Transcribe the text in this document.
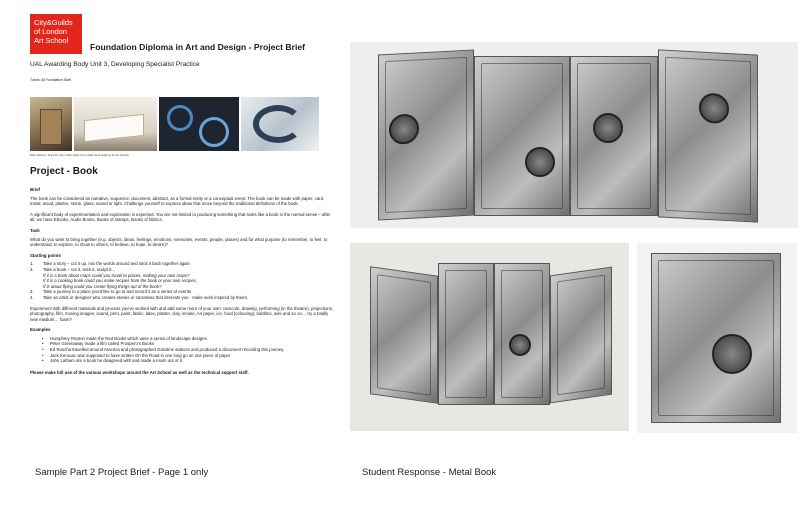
City&Guilds
of London
Art School
Foundation Diploma in Art and Design - Project Brief
UAL Awarding Body Unit 3, Developing Specialist Practice
Tutors: All Foundation Staff
Brian Dettmer, Tanya M. Harry Clark, Adam Kent (Adam Kent taught at the Art School)
Project - Book
Brief

The book can be considered as narrative, sequence, document, abstract, as a formal entity or a conceptual event. The book can be made with paper, card, metal, wood, plaster, stone, glass, sound or light. Challenge yourself to express ideas that move beyond the traditional definitions of the book.

A significant body of experimentation and exploration is expected. You are not limited to producing something that looks like a book in the normal sense – after all, we have Ebooks, Audio Books, Books of stamps, Books of fabrics.

Task

What do you want to bring together (e.g. objects, ideas, feelings, emotions, memories, events, people, places) and for what purpose (to remember, to feel, to understand, to explore, to show to others, to believe, to hope, to desire)?

Starting points
1.	Take a story – cut it up, mix the words around and stick it back together again
2.	Take a book – cut it, stick it, sculpt it…
If it is a book about maps could you travel to places, making your own maps?
If it is a cooking book could you make recipes from the book or your own recipes,
If is about flying could you create flying things out of the book?
3.	Take a journey to a place you'd like to go to and record it as a series of events
4.	Take an artist or designer who creates stories or narratives that interests you - make work inspired by theirs.

Experiment with different materials and process you've worked with and add some more of your own: carecole, drawing, performing (in the theatre), projections, photography, film, moving images, sound, print, paint, fabric, latex, plaster, clay, smoke, A4 paper, ice, food (colouring), bubbles, wire and so on… try a totally new medium… foam?

Examples
• Humphrey Repton made the Red Books which were a series of landscape designs.
• Peter Greenaway made a film called Prospero's Books
• Ed Ruscha travelled around America and photographed Gasoline stations and produced a document recording this journey.
• Jack Kerouac was supposed to have written On the Road in one long go on one piece of paper
• John Latham ate a book he disagreed with and made a mush out of it.

Please make full use of the various workshops around the Art School as well as the technical support staff.

Sample Part 2 Project Brief - Page 1 only	Student Response - Metal Book
